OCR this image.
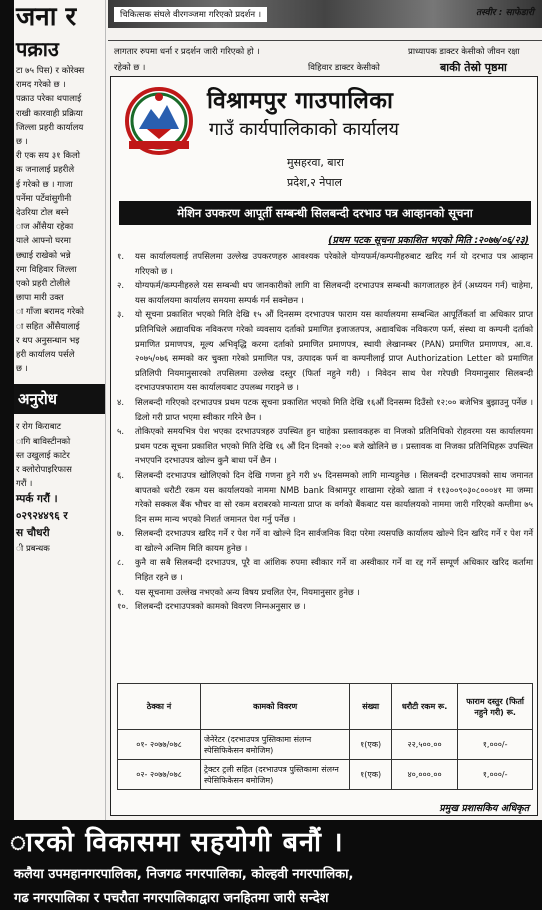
जना र
पक्राउ
टा ७५ पिस) र कोरेक्स
रामद गरेको छ ।
पक्राउ परेका थपालाई
राखी कारवाही प्रक्रिया
जिल्ला प्रहरी कार्यालय
छ ।
री एक सय ३१ किलो
क जनालाई प्रहरीले
ई गरेको छ । गाजा
पर्नेमा पर्टेवांसुगीनी
देउरिया टोल बस्ने
ाज औंसैया रहेका
याले आफ्नो घरमा
छ्याई राखेको भन्ने
रमा विहिवार जिल्ला
एको प्रहरी टोलीले
छापा मारी उक्त
ा गाँजा बरामद गरेको
ा सहित औंसैयालाई
र थप अनुसन्धान भइ
हरी कार्यालय पर्सले
छ ।
अनुरोध
र रोग किराबाट
ागि बाविस्टीनको
स्त उखुलाई काटेर
र क्लोरोपाइरिफास
गरौं ।
म्पर्क गरौं ।
०२९२४४९६ र
स चौधरी
ी प्रबन्धक
चिकित्सक संघले वीरगञ्जमा गरिएको प्रदर्शन ।	तस्वीर : साफेडारी
लागतार रुपमा धर्ना र प्रदर्शन जारी गरिएको हो ।
रहेको छ ।	विहिवार डाक्टर केसीको
प्राध्यापक डाक्टर केसीको जीवन रक्षा
बाकी तेस्रो पृष्ठमा
विश्रामपुर गाउपालिका
गाउँ कार्यपालिकाको कार्यालय
मुसहरवा, बारा
प्रदेश,२ नेपाल
मेशिन उपकरण आपूर्ती सम्बन्धी सिलबन्दी दरभाउ पत्र आव्हानको सूचना
(प्रथम पटक सूचना प्रकाशित भएको मिति :२०७७/०६/२३)
१.	यस कार्यालयलाई तपसिलमा उल्लेख उपकरणहरु आवश्यक परेकोले योग्यफर्म/कम्पनीहरुबाट खरिद गर्न यो दरभाउ पत्र आव्हान गरिएको छ ।
२.	योग्यफर्म/कम्पनीहरुले यस सम्बन्धी थप जानकारीको लागि वा सिलबन्दी दरभाउपत्र सम्बन्धी कागजातहरु हेर्न (अध्ययन गर्न) चाहेमा, यस कार्यालयमा कार्यालय समयमा सम्पर्क गर्न सक्नेछन ।
३.	यो सूचना प्रकाशित भएको मिति देखि १५ औं दिनसम्म दरभाउपत्र फाराम यस कार्यालयमा सम्बन्धित आपूर्तिकर्ता वा अधिकार प्राप्त प्रतिनिधिले अद्यावधिक नविकरण गरेको व्यवसाय दर्ताको प्रमाणित इजाजतपत्र, अद्यावधिक नविकरण फर्म, संस्था वा कम्पनी दर्ताको प्रमाणित प्रमाणपत्र, मूल्य अभिवृद्धि करमा दर्ताको प्रमाणित प्रमाणपत्र, स्थायी लेखानम्बर (PAN) प्रमाणित प्रमाणपत्र, आ.व. २०७५/०७६ सम्मको कर चुक्ता गरेको प्रमाणित पत्र, उत्पादक फर्म वा कम्पनीलाई प्राप्त Authorization Letter को प्रमाणित प्रतिलिपी नियमानुसारको तपसिलमा उल्लेख दस्तुर (फिर्ता नहुने गरी) । निवेदन साथ पेश गरेपछी नियमानुसार सिलबन्दी दरभाउपत्रफाराम यस कार्यालयबाट उपलब्ध गराइने छ ।
४.	सिलबन्दी गरिएको दरभाउपत्र प्रथम पटक सूचना प्रकाशित भएको मिति देखि १६औं दिनसम्म दिउँसो १२:०० बजेभित्र बुझाउनु पर्नेछ । ढिलो गरी प्राप्त भएमा स्वीकार गरिने छैन ।
५.	तोकिएको समयभित्र पेश भएका दरभाउपत्रहरु उपस्थित हुन चाहेका प्रस्तावकहरू वा निजको प्रतिनिधिको रोहवरमा यस कार्यालयमा प्रथम पटक सूचना प्रकाशित भएको मिति देखि १६ औं दिन दिनको २:०० बजे खोलिने छ । प्रस्तावक वा निजका प्रतिनिधिहरू उपस्थित नभएपनि दरभाउपत्र खोल्न कुनै बाधा पर्ने छैन ।
६.	सिलबन्दी दरभाउपत्र खोलिएको दिन देखि गणना हुने गरी ४५ दिनसम्मको लागि मान्यहुनेछ । सिलबन्दी दरभाउपत्रको साथ जमानत बापतको धरौटी रकम यस कार्यालयको नाममा NMB bank विश्रामपुर शाखामा रहेको खाता नं ११३००९०३०८०००४१ मा जम्मा गरेको सक्कल बैंक भौचर वा सो रकम बराबरको मान्यता प्राप्त क वर्गको बैंकबाट यस कार्यालयको नाममा जारी गरिएको कम्तीमा ७५ दिन सम्म मान्य भएको निशर्त जमानत पेश गर्नु पर्नेछ ।
७.	सिलबन्दी दरभाउपत्र खरिद गर्ने र पेश गर्ने वा खोल्ने दिन सार्वजनिक विदा परेमा त्यसपछि कार्यालय खोल्ने दिन खरिद गर्ने र पेश गर्ने वा खोल्ने अन्तिम मिति कायम हुनेछ ।
८.	कुनै वा सबै सिलबन्दी दरभाउपत्र, पूरै वा आंशिक रुपमा स्वीकार गर्ने वा अस्वीकार गर्ने वा रद्द गर्ने सम्पूर्ण अधिकार खरिद कर्तामा निहित रहने छ ।
९.	यस सूचनामा उल्लेख नभएको अन्य विषय प्रचलित ऐन, नियमानुसार हुनेछ ।
१०. शिलबन्दी दरभाउपत्रको कामको विवरण निम्नअनुसार छ ।
ठेक्का नं	कामको विवरण	संख्या	धरौटी रकम रू.	फाराम दस्तुर (फिर्ता नहुने गरी) रू.
०१- २०७७/०७८	जेनेरेटर (दरभाउपत्र पुस्तिकामा संलग्न स्पेसिफिकेसन बमोजिम)	१(एक)	२२,५००.००	१,०००/-
०२- २०७७/०७८	ट्रेक्टर ट्रली सहित (दरभाउपत्र पुस्तिकामा संलग्न स्पेसिफिकेसन बमोजिम)	१(एक)	४०,०००.००	१,०००/-
प्रमुख प्रशासकिय अधिकृत
ारको विकासमा सहयोगी बनौं ।
कलैया उपमहानगरपालिका, निजगढ नगरपालिका, कोल्हवी नगरपालिका,
गढ नगरपालिका र पचरौता नगरपालिकाद्वारा जनहितमा जारी सन्देश
